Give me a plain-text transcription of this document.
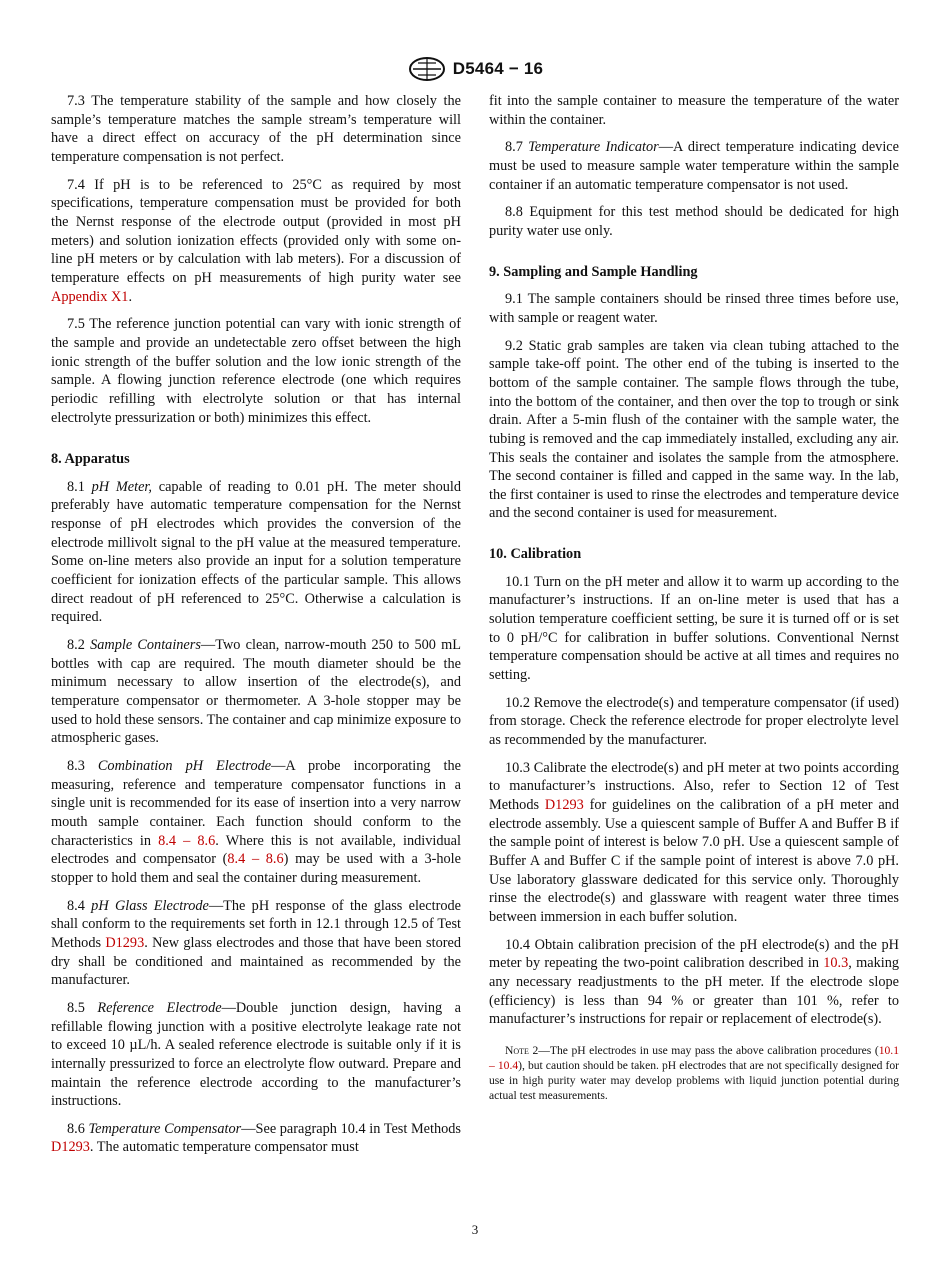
D5464 − 16

7.3 The temperature stability of the sample and how closely the sample’s temperature matches the sample stream’s temperature will have a direct effect on accuracy of the pH determination since temperature compensation is not perfect.

7.4 If pH is to be referenced to 25°C as required by most specifications, temperature compensation must be provided for both the Nernst response of the electrode output (provided in most pH meters) and solution ionization effects (provided only with some on-line pH meters or by calculation with lab meters). For a discussion of temperature effects on pH measurements of high purity water see Appendix X1.

7.5 The reference junction potential can vary with ionic strength of the sample and provide an undetectable zero offset between the high ionic strength of the buffer solution and the low ionic strength of the sample. A flowing junction reference electrode (one which requires periodic refilling with electrolyte solution or that has internal electrolyte pressurization or both) minimizes this effect.

8. Apparatus

8.1 pH Meter, capable of reading to 0.01 pH. The meter should preferably have automatic temperature compensation for the Nernst response of pH electrodes which provides the conversion of the electrode millivolt signal to the pH value at the measured temperature. Some on-line meters also provide an input for a solution temperature coefficient for ionization effects of the particular sample. This allows direct readout of pH referenced to 25°C. Otherwise a calculation is required.

8.2 Sample Containers—Two clean, narrow-mouth 250 to 500 mL bottles with cap are required. The mouth diameter should be the minimum necessary to allow insertion of the electrode(s), and temperature compensator or thermometer. A 3-hole stopper may be used to hold these sensors. The container and cap minimize exposure to atmospheric gases.

8.3 Combination pH Electrode—A probe incorporating the measuring, reference and temperature compensator functions in a single unit is recommended for its ease of insertion into a very narrow mouth sample container. Each function should conform to the characteristics in 8.4 – 8.6. Where this is not available, individual electrodes and compensator (8.4 – 8.6) may be used with a 3-hole stopper to hold them and seal the container during measurement.

8.4 pH Glass Electrode—The pH response of the glass electrode shall conform to the requirements set forth in 12.1 through 12.5 of Test Methods D1293. New glass electrodes and those that have been stored dry shall be conditioned and maintained as recommended by the manufacturer.

8.5 Reference Electrode—Double junction design, having a refillable flowing junction with a positive electrolyte leakage rate not to exceed 10 µL/h. A sealed reference electrode is suitable only if it is internally pressurized to force an electrolyte flow outward. Prepare and maintain the reference electrode according to the manufacturer’s instructions.

8.6 Temperature Compensator—See paragraph 10.4 in Test Methods D1293. The automatic temperature compensator must

fit into the sample container to measure the temperature of the water within the container.

8.7 Temperature Indicator—A direct temperature indicating device must be used to measure sample water temperature within the sample container if an automatic temperature compensator is not used.

8.8 Equipment for this test method should be dedicated for high purity water use only.

9. Sampling and Sample Handling

9.1 The sample containers should be rinsed three times before use, with sample or reagent water.

9.2 Static grab samples are taken via clean tubing attached to the sample take-off point. The other end of the tubing is inserted to the bottom of the sample container. The sample flows through the tube, into the bottom of the container, and then over the top to trough or sink drain. After a 5-min flush of the container with the sample water, the tubing is removed and the cap immediately installed, excluding any air. This seals the container and isolates the sample from the atmosphere. The second container is filled and capped in the same way. In the lab, the first container is used to rinse the electrodes and temperature device and the second container is used for measurement.

10. Calibration

10.1 Turn on the pH meter and allow it to warm up according to the manufacturer’s instructions. If an on-line meter is used that has a solution temperature coefficient setting, be sure it is turned off or is set to 0 pH/°C for calibration in buffer solutions. Conventional Nernst temperature compensation should be active at all times and requires no setting.

10.2 Remove the electrode(s) and temperature compensator (if used) from storage. Check the reference electrode for proper electrolyte level as recommended by the manufacturer.

10.3 Calibrate the electrode(s) and pH meter at two points according to manufacturer’s instructions. Also, refer to Section 12 of Test Methods D1293 for guidelines on the calibration of a pH meter and electrode assembly. Use a quiescent sample of Buffer A and Buffer B if the sample point of interest is below 7.0 pH. Use a quiescent sample of Buffer A and Buffer C if the sample point of interest is above 7.0 pH. Use laboratory glassware dedicated for this service only. Thoroughly rinse the electrode(s) and glassware with reagent water three times between immersion in each buffer solution.

10.4 Obtain calibration precision of the pH electrode(s) and the pH meter by repeating the two-point calibration described in 10.3, making any necessary readjustments to the pH meter. If the electrode slope (efficiency) is less than 94 % or greater than 101 %, refer to manufacturer’s instructions for repair or replacement of electrode(s).

Note 2—The pH electrodes in use may pass the above calibration procedures (10.1 – 10.4), but caution should be taken. pH electrodes that are not specifically designed for use in high purity water may develop problems with liquid junction potential during actual test measurements.

3
